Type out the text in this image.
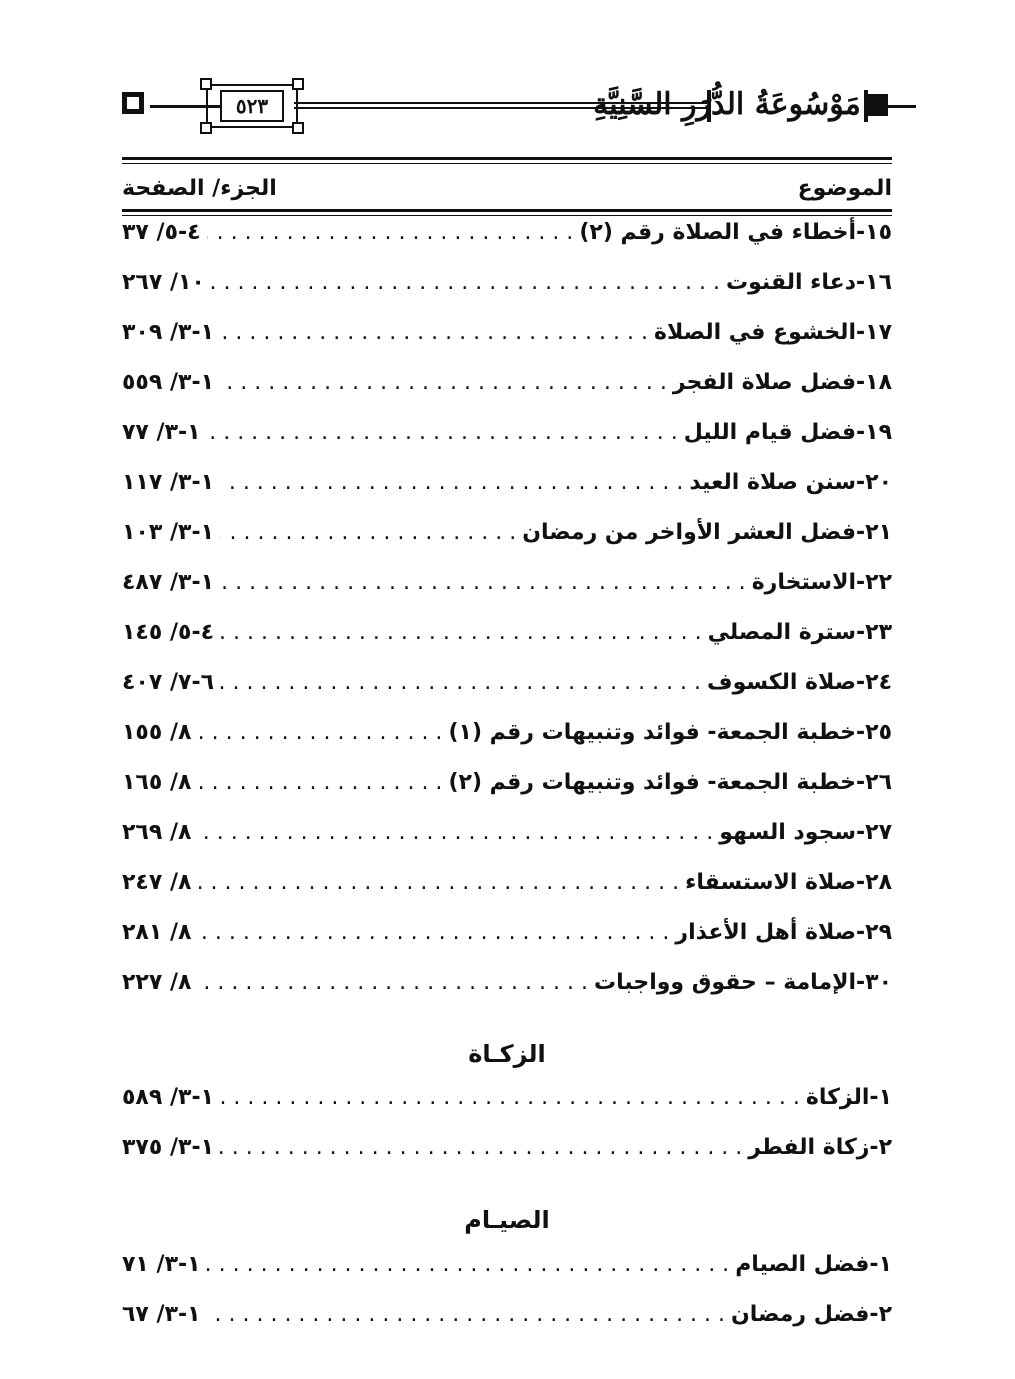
٥٢٣	مَوْسُوعَةُ الدُّرَرِ السَّنِيَّةِ
الموضوع
الجزء/ الصفحة
١٥-
أخطاء في الصلاة رقم (٢)
. . .
٤-٥/ ٣٧
١٦-
دعاء القنوت
. . .
١٠/ ٢٦٧
١٧-
الخشوع في الصلاة
. . .
١-٣/ ٣٠٩
١٨-
فضل صلاة الفجر
. . .
١-٣/ ٥٥٩
١٩-
فضل قيام الليل
. . .
١-٣/ ٧٧
٢٠-
سنن صلاة العيد
. . .
١-٣/ ١١٧
٢١-
فضل العشر الأواخر من رمضان
. . .
١-٣/ ١٠٣
٢٢-
الاستخارة
. . .
١-٣/ ٤٨٧
٢٣-
سترة المصلي
. . .
٤-٥/ ١٤٥
٢٤-
صلاة الكسوف
. . .
٦-٧/ ٤٠٧
٢٥-
خطبة الجمعة- فوائد وتنبيهات رقم (١)
. . .
٨/ ١٥٥
٢٦-
خطبة الجمعة- فوائد وتنبيهات رقم (٢)
. . .
٨/ ١٦٥
٢٧-
سجود السهو
. . .
٨/ ٢٦٩
٢٨-
صلاة الاستسقاء
. . .
٨/ ٢٤٧
٢٩-
صلاة أهل الأعذار
. . .
٨/ ٢٨١
٣٠-
الإمامة – حقوق وواجبات
. . .
٨/ ٢٢٧
الزكـاة
١-
الزكاة
. . .
١-٣/ ٥٨٩
٢-
زكاة الفطر
. . .
١-٣/ ٣٧٥
الصيـام
١-
فضل الصيام
. . .
١-٣/ ٧١
٢-
فضل رمضان
. . .
١-٣/ ٦٧
